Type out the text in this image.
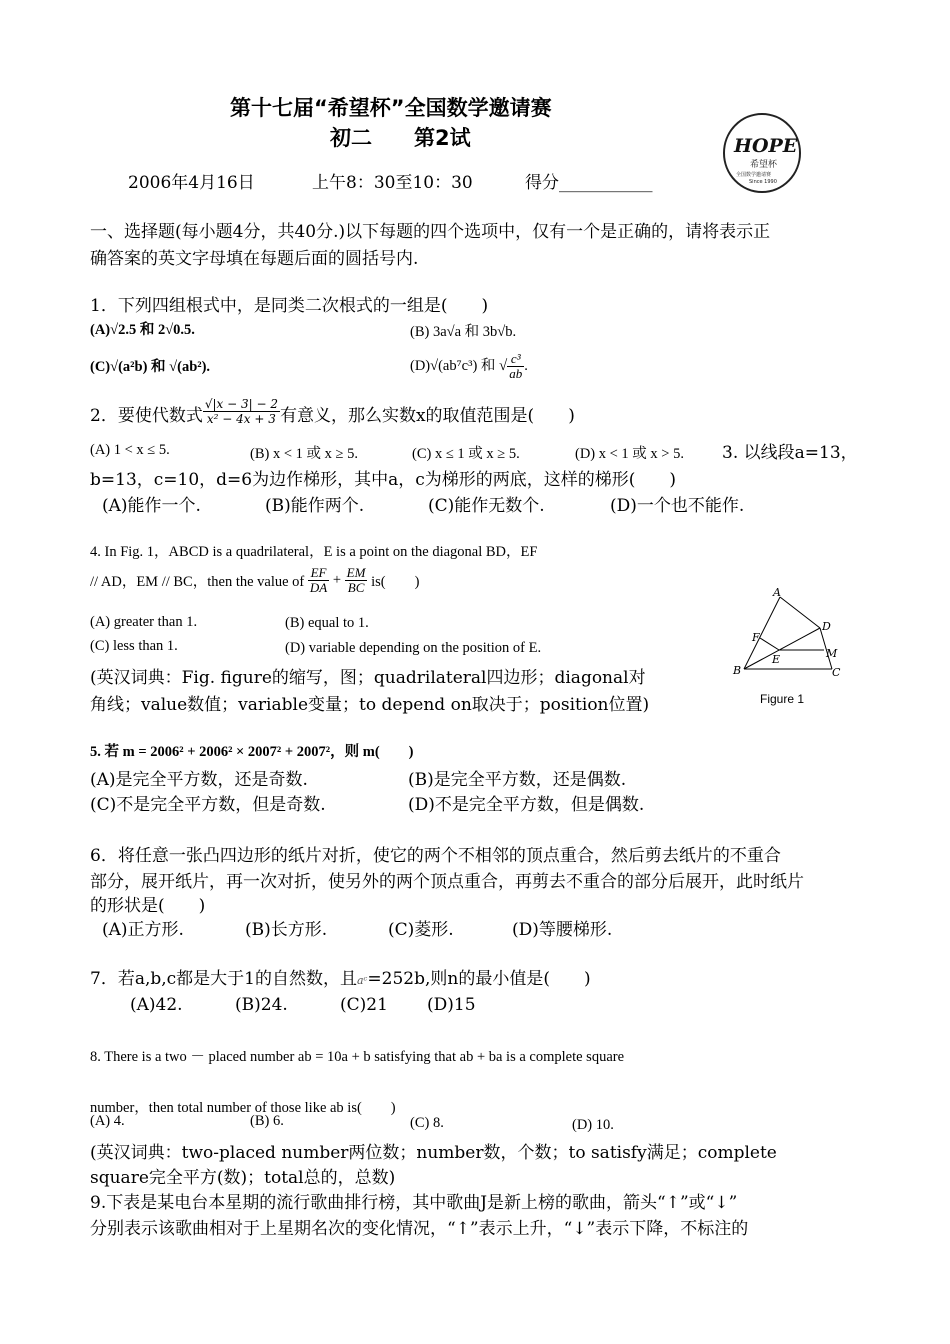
第十七届“希望杯”全国数学邀请赛
初二　　第2试	HOPE
希望杯
全国数学邀请赛
Since 1990
2006年4月16日	上午8：30至10：30	得分___________
一、选择题(每小题4分，共40分.)以下每题的四个选项中，仅有一个是正确的，请将表示正
确答案的英文字母填在每题后面的圆括号内.
1．下列四组根式中，是同类二次根式的一组是(　　)
(A)√2.5 和 2√0.5.	(B) 3a√a 和 3b√b.
(C)√(a²b) 和 √(ab²).	(D)√(ab⁷c³) 和 √ $\frac{\text{c³}}{ab}$ .
2．要使代数式 $\frac{√|x - 3| - 2}{\text{x² − 4x + 3}}$ 有意义，那么实数x的取值范围是(　　)
(A) 1 < x ≤ 5.	(B) x < 1 或 x ≥ 5.	(C) x ≤ 1 或 x ≥ 5.	(D) x < 1 或 x > 5. 3. 以线段a=13，
b=13，c=10，d=6为边作梯形，其中a，c为梯形的两底，这样的梯形(　　)
(A)能作一个.	(B)能作两个.	(C)能作无数个.	(D)一个也不能作.
4. In Fig. 1，ABCD is a quadrilateral，E is a point on the diagonal BD，EF
// AD，EM // BC，then the value of $\frac{EF}{DA} + \frac{EM}{BC} is$(　　)
(A) greater than 1.	(B) equal to 1.
(C) less than 1.	(D) variable depending on the position of E.
(英汉词典：Fig. figure的缩写，图；quadrilateral四边形；diagonal对
角线；value数值；variable变量；to depend on取决于；position位置)
A
D
F
E	M
B	C
Figure 1
5. 若 m = 2006² + 2006² × 2007² + 2007²，则 m(　　)
(A)是完全平方数，还是奇数.	(B)是完全平方数，还是偶数.
(C)不是完全平方数，但是奇数.	(D)不是完全平方数，但是偶数.
6．将任意一张凸四边形的纸片对折，使它的两个不相邻的顶点重合，然后剪去纸片的不重合
部分，展开纸片，再一次对折，使另外的两个顶点重合，再剪去不重合的部分后展开，此时纸片
的形状是(　　)
(A)正方形.	(B)长方形.	(C)菱形.	(D)等腰梯形.
7．若a,b,c都是大于1的自然数，且aᶜ=252b,则n的最小值是(　　)
(A)42.	(B)24.	(C)21 (D)15
8. There is a two － placed number ab = 10a + b satisfying that ab + ba is a complete square
number，then total number of those like ab is(　　)
(A) 4.	(B) 6.	(C) 8.	(D) 10.
(英汉词典：two-placed number两位数；number数，个数；to satisfy满足；complete
square完全平方(数)；total总的，总数)
9.下表是某电台本星期的流行歌曲排行榜，其中歌曲J是新上榜的歌曲，箭头“↑”或“↓”
分别表示该歌曲相对于上星期名次的变化情况，“↑”表示上升，“↓”表示下降，不标注的
